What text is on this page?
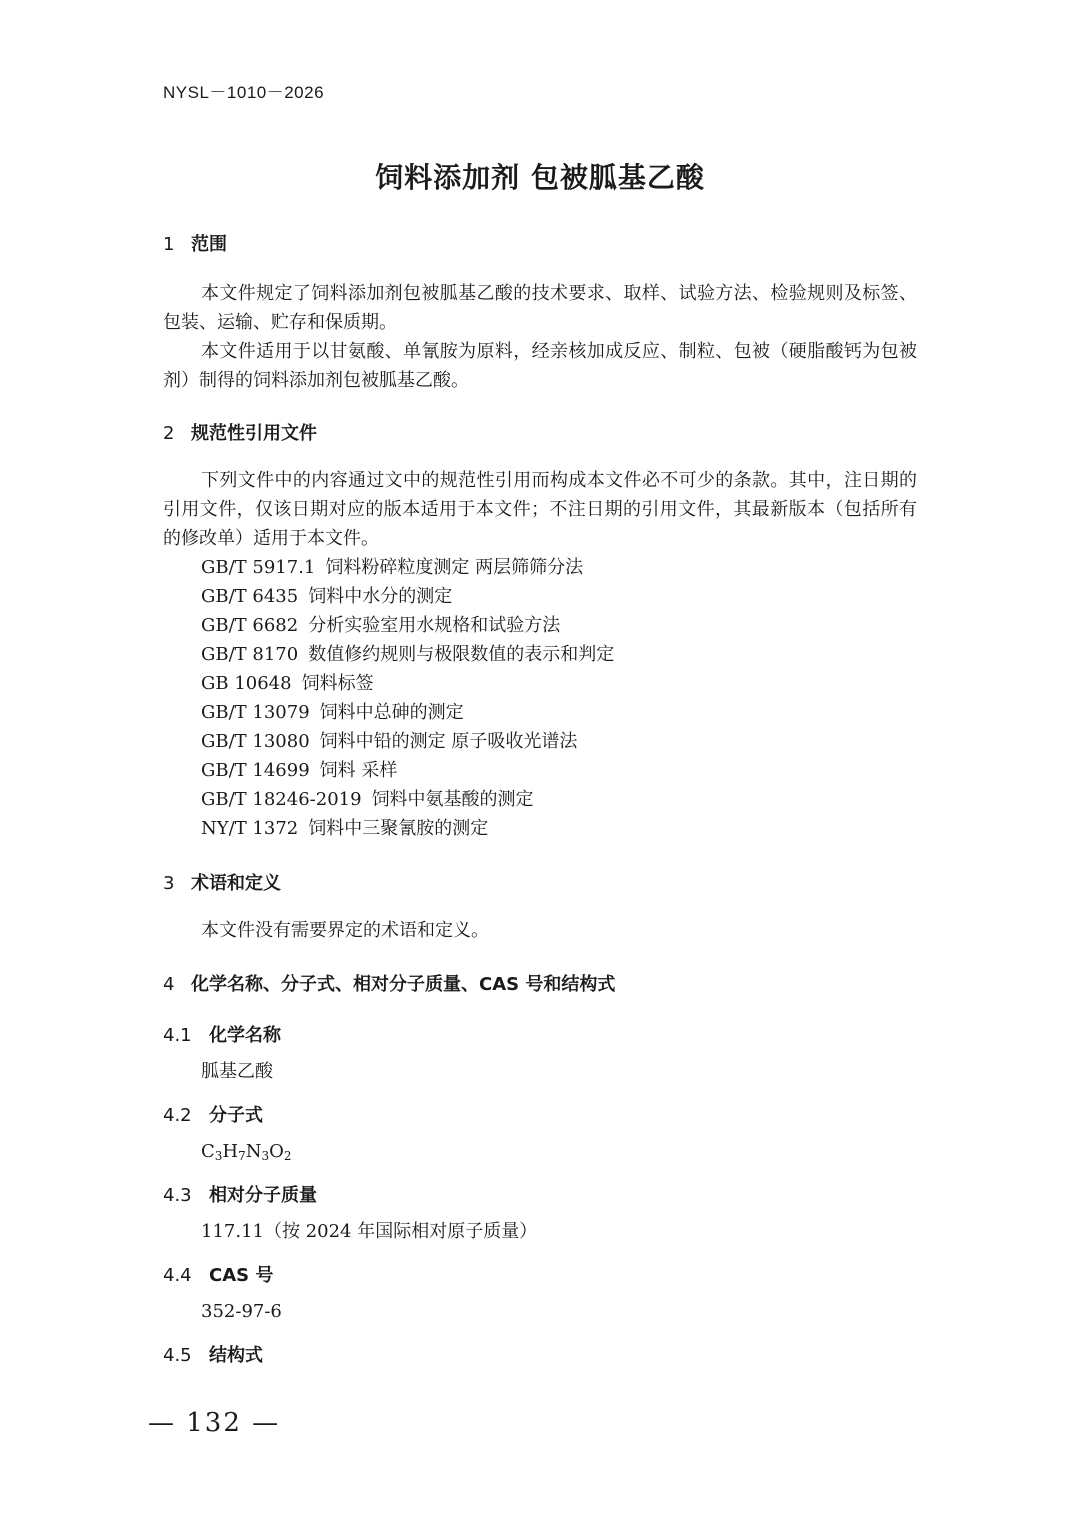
NYSL－1010－2026
饲料添加剂 包被胍基乙酸
1 范围

本文件规定了饲料添加剂包被胍基乙酸的技术要求、取样、试验方法、检验规则及标签、包装、运输、贮存和保质期。

本文件适用于以甘氨酸、单氰胺为原料，经亲核加成反应、制粒、包被（硬脂酸钙为包被剂）制得的饲料添加剂包被胍基乙酸。

2 规范性引用文件

下列文件中的内容通过文中的规范性引用而构成本文件必不可少的条款。其中，注日期的引用文件，仅该日期对应的版本适用于本文件；不注日期的引用文件，其最新版本（包括所有的修改单）适用于本文件。

GB/T 5917.1 饲料粉碎粒度测定 两层筛筛分法
GB/T 6435 饲料中水分的测定
GB/T 6682 分析实验室用水规格和试验方法
GB/T 8170 数值修约规则与极限数值的表示和判定
GB 10648 饲料标签
GB/T 13079 饲料中总砷的测定
GB/T 13080 饲料中铅的测定 原子吸收光谱法
GB/T 14699 饲料 采样
GB/T 18246-2019 饲料中氨基酸的测定
NY/T 1372 饲料中三聚氰胺的测定
3 术语和定义

本文件没有需要界定的术语和定义。

4 化学名称、分子式、相对分子质量、CAS 号和结构式
4.1 化学名称

胍基乙酸

4.2 分子式

$C_3H_7N_3O_2$

4.3 相对分子质量

117.11（按 2024 年国际相对原子质量）

4.4 CAS 号

352-97-6

4.5 结构式
— 132 —
